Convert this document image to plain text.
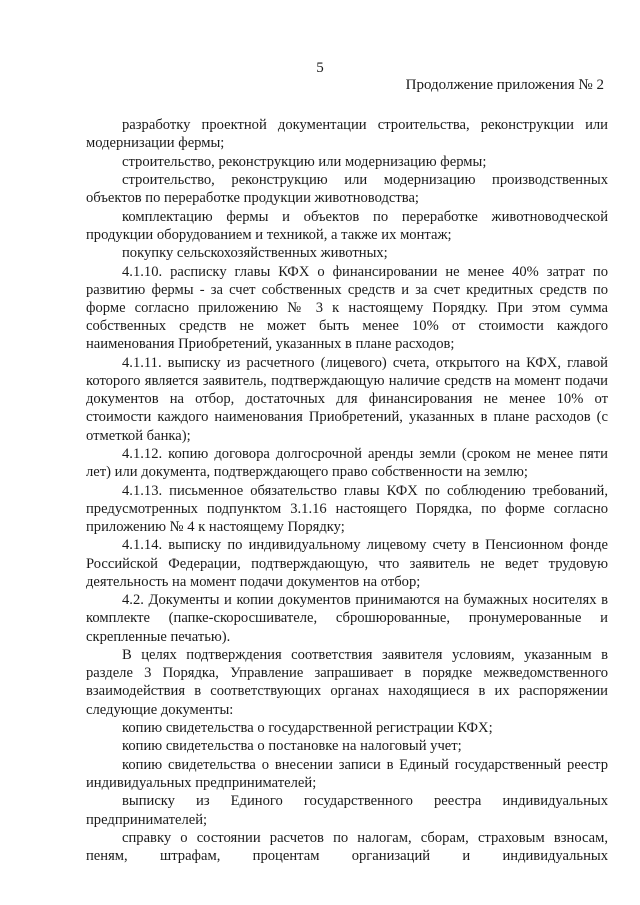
5
Продолжение приложения № 2

разработку проектной документации строительства, реконструкции или модернизации фермы;

строительство, реконструкцию или модернизацию фермы;

строительство, реконструкцию или модернизацию производственных объектов по переработке продукции животноводства;

комплектацию фермы и объектов по переработке животноводческой продукции оборудованием и техникой, а также их монтаж;

покупку сельскохозяйственных животных;

4.1.10. расписку главы КФХ о финансировании не менее 40% затрат по развитию фермы - за счет собственных средств и за счет кредитных средств по форме согласно приложению № 3 к настоящему Порядку. При этом сумма собственных средств не может быть менее 10% от стоимости каждого наименования Приобретений, указанных в плане расходов;

4.1.11. выписку из расчетного (лицевого) счета, открытого на КФХ, главой которого является заявитель, подтверждающую наличие средств на момент подачи документов на отбор, достаточных для финансирования не менее 10% от стоимости каждого наименования Приобретений, указанных в плане расходов (с отметкой банка);

4.1.12. копию договора долгосрочной аренды земли (сроком не менее пяти лет) или документа, подтверждающего право собственности на землю;

4.1.13. письменное обязательство главы КФХ по соблюдению требований, предусмотренных подпунктом 3.1.16 настоящего Порядка, по форме согласно приложению № 4 к настоящему Порядку;

4.1.14. выписку по индивидуальному лицевому счету в Пенсионном фонде Российской Федерации, подтверждающую, что заявитель не ведет трудовую деятельность на момент подачи документов на отбор;

4.2. Документы и копии документов принимаются на бумажных носителях в комплекте (папке-скоросшивателе, сброшюрованные, пронумерованные и скрепленные печатью).

В целях подтверждения соответствия заявителя условиям, указанным в разделе 3 Порядка, Управление запрашивает в порядке межведомственного взаимодействия в соответствующих органах находящиеся в их распоряжении следующие документы:

копию свидетельства о государственной регистрации КФХ;

копию свидетельства о постановке на налоговый учет;

копию свидетельства о внесении записи в Единый государственный реестр индивидуальных предпринимателей;

выписку из Единого государственного реестра индивидуальных предпринимателей;

справку о состоянии расчетов по налогам, сборам, страховым взносам, пеням, штрафам, процентам организаций и индивидуальных
